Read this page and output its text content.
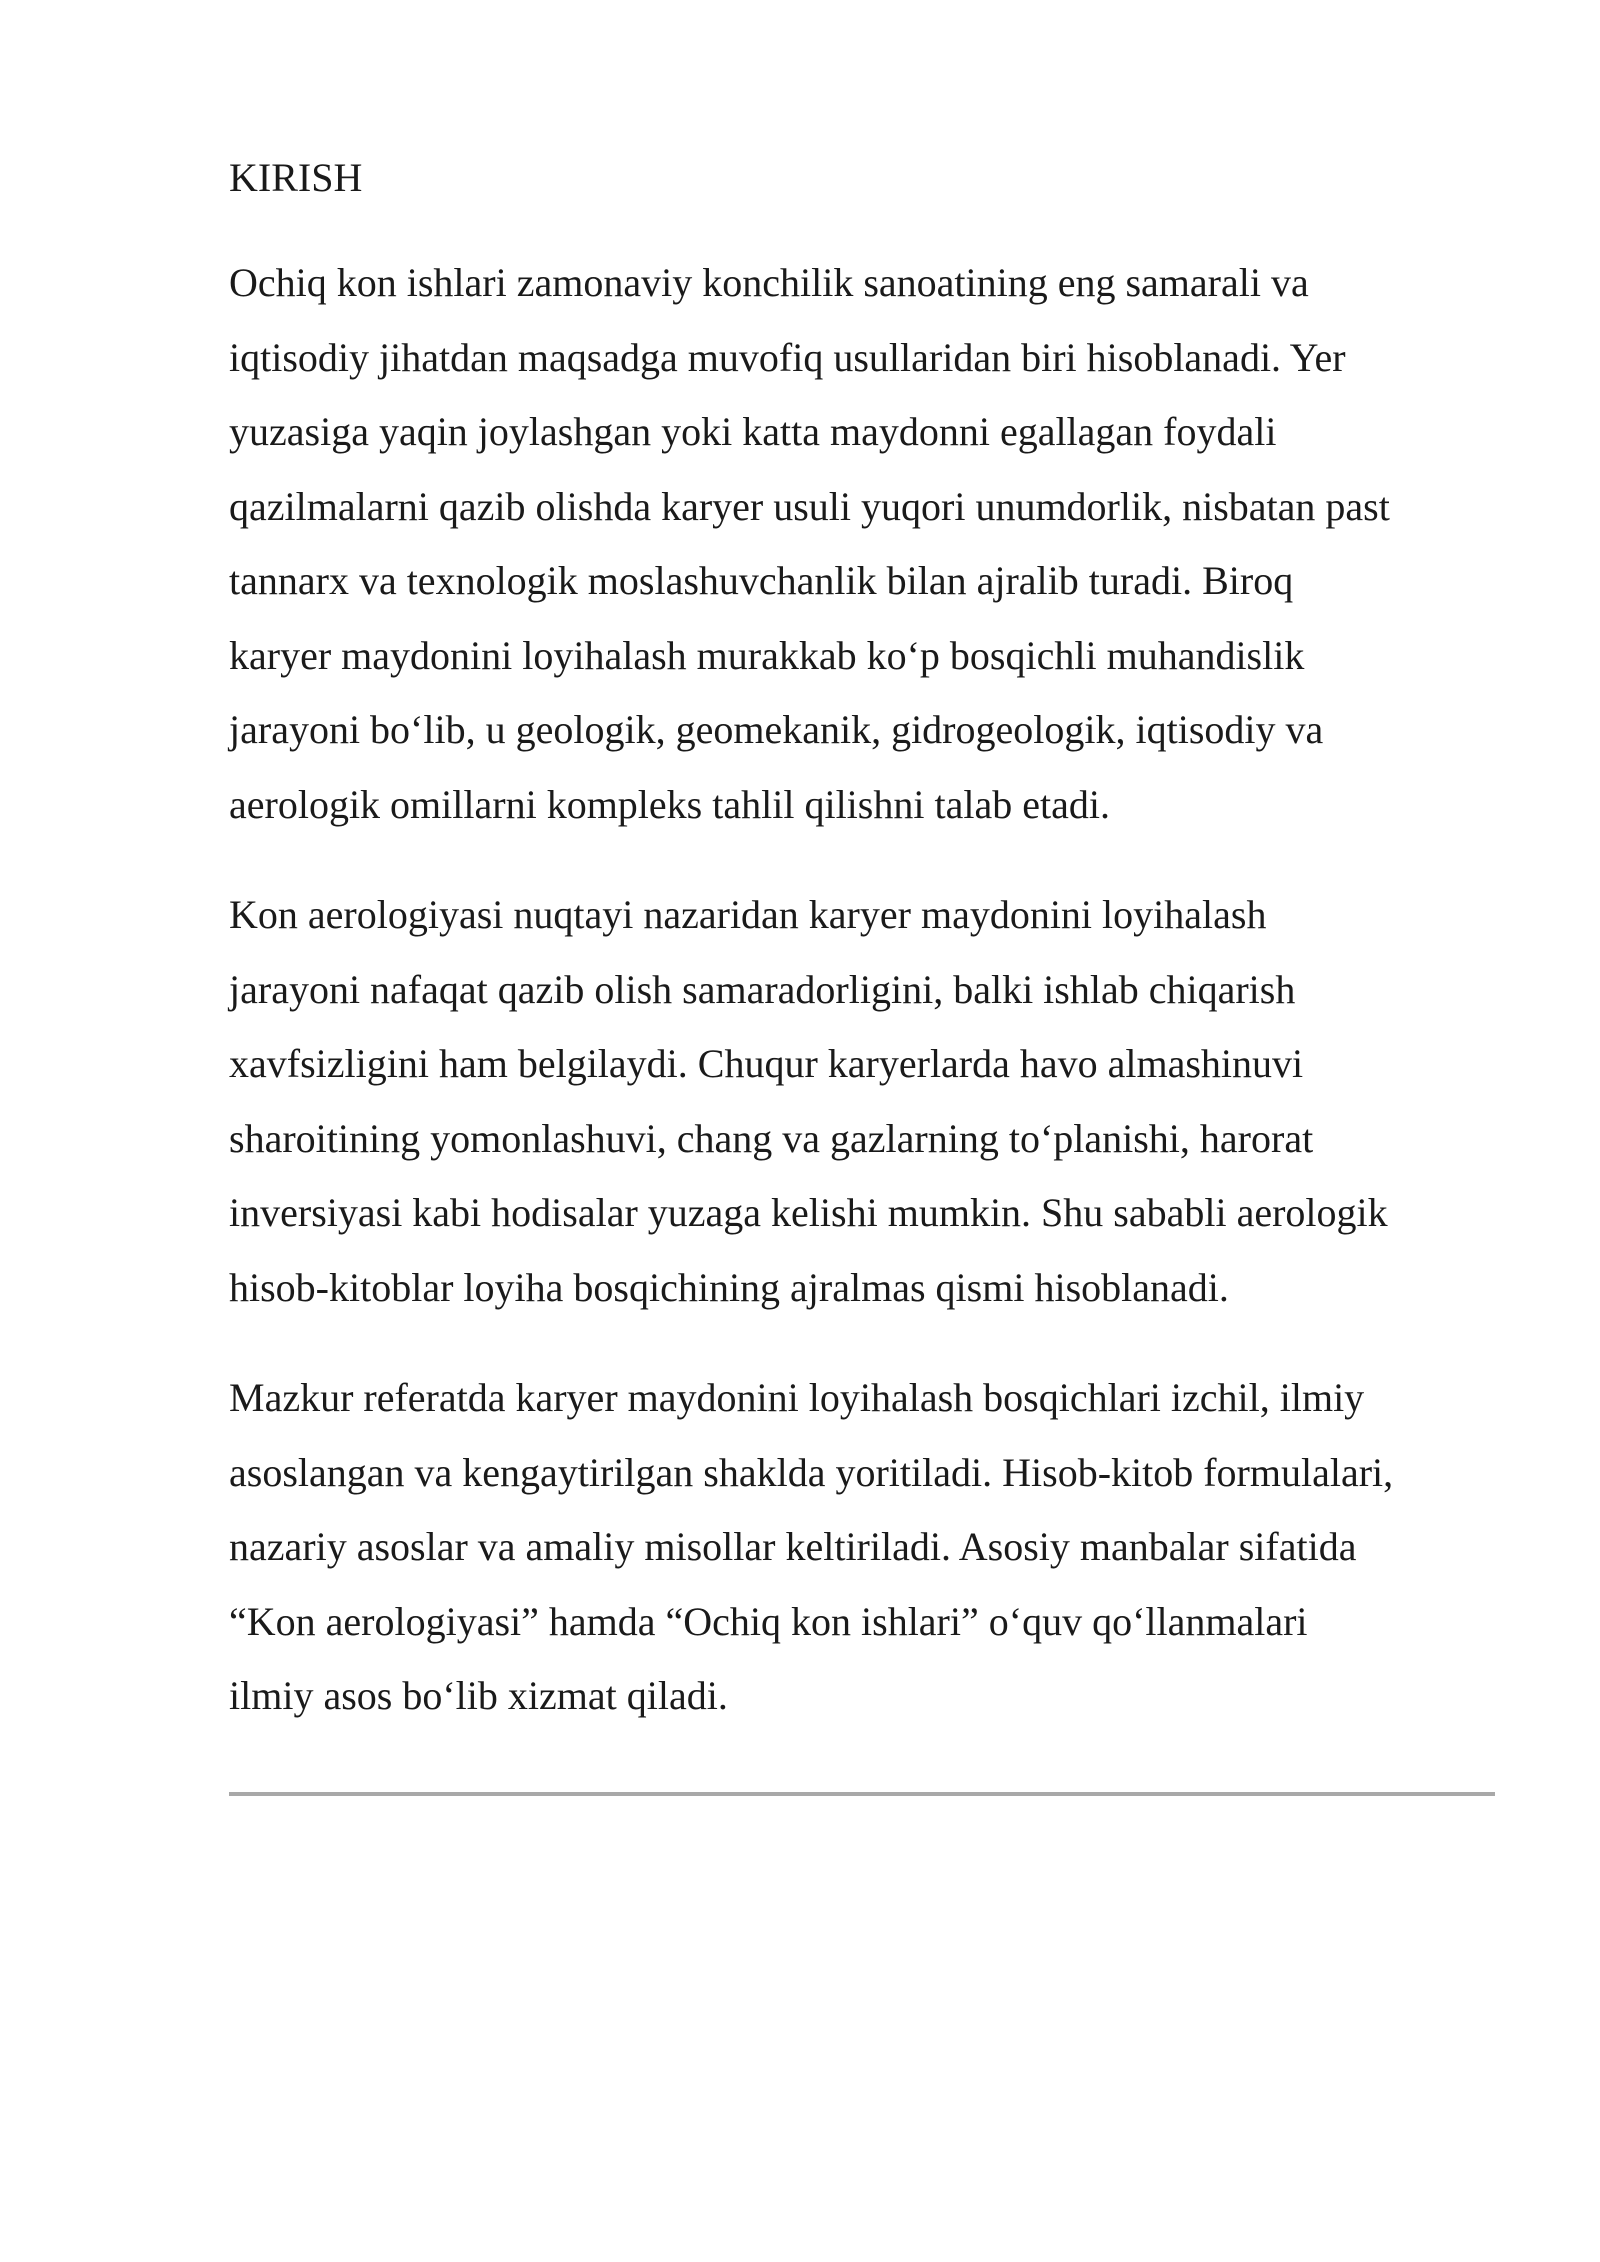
KIRISH
Ochiq kon ishlari zamonaviy konchilik sanoatining eng samarali va
iqtisodiy jihatdan maqsadga muvofiq usullaridan biri hisoblanadi. Yer
yuzasiga yaqin joylashgan yoki katta maydonni egallagan foydali
qazilmalarni qazib olishda karyer usuli yuqori unumdorlik, nisbatan past
tannarx va texnologik moslashuvchanlik bilan ajralib turadi. Biroq
karyer maydonini loyihalash murakkab koʻp bosqichli muhandislik
jarayoni boʻlib, u geologik, geomekanik, gidrogeologik, iqtisodiy va
aerologik omillarni kompleks tahlil qilishni talab etadi.
Kon aerologiyasi nuqtayi nazaridan karyer maydonini loyihalash
jarayoni nafaqat qazib olish samaradorligini, balki ishlab chiqarish
xavfsizligini ham belgilaydi. Chuqur karyerlarda havo almashinuvi
sharoitining yomonlashuvi, chang va gazlarning toʻplanishi, harorat
inversiyasi kabi hodisalar yuzaga kelishi mumkin. Shu sababli aerologik
hisob-kitoblar loyiha bosqichining ajralmas qismi hisoblanadi.
Mazkur referatda karyer maydonini loyihalash bosqichlari izchil, ilmiy
asoslangan va kengaytirilgan shaklda yoritiladi. Hisob-kitob formulalari,
nazariy asoslar va amaliy misollar keltiriladi. Asosiy manbalar sifatida
“Kon aerologiyasi” hamda “Ochiq kon ishlari” oʻquv qoʻllanmalari
ilmiy asos boʻlib xizmat qiladi.
